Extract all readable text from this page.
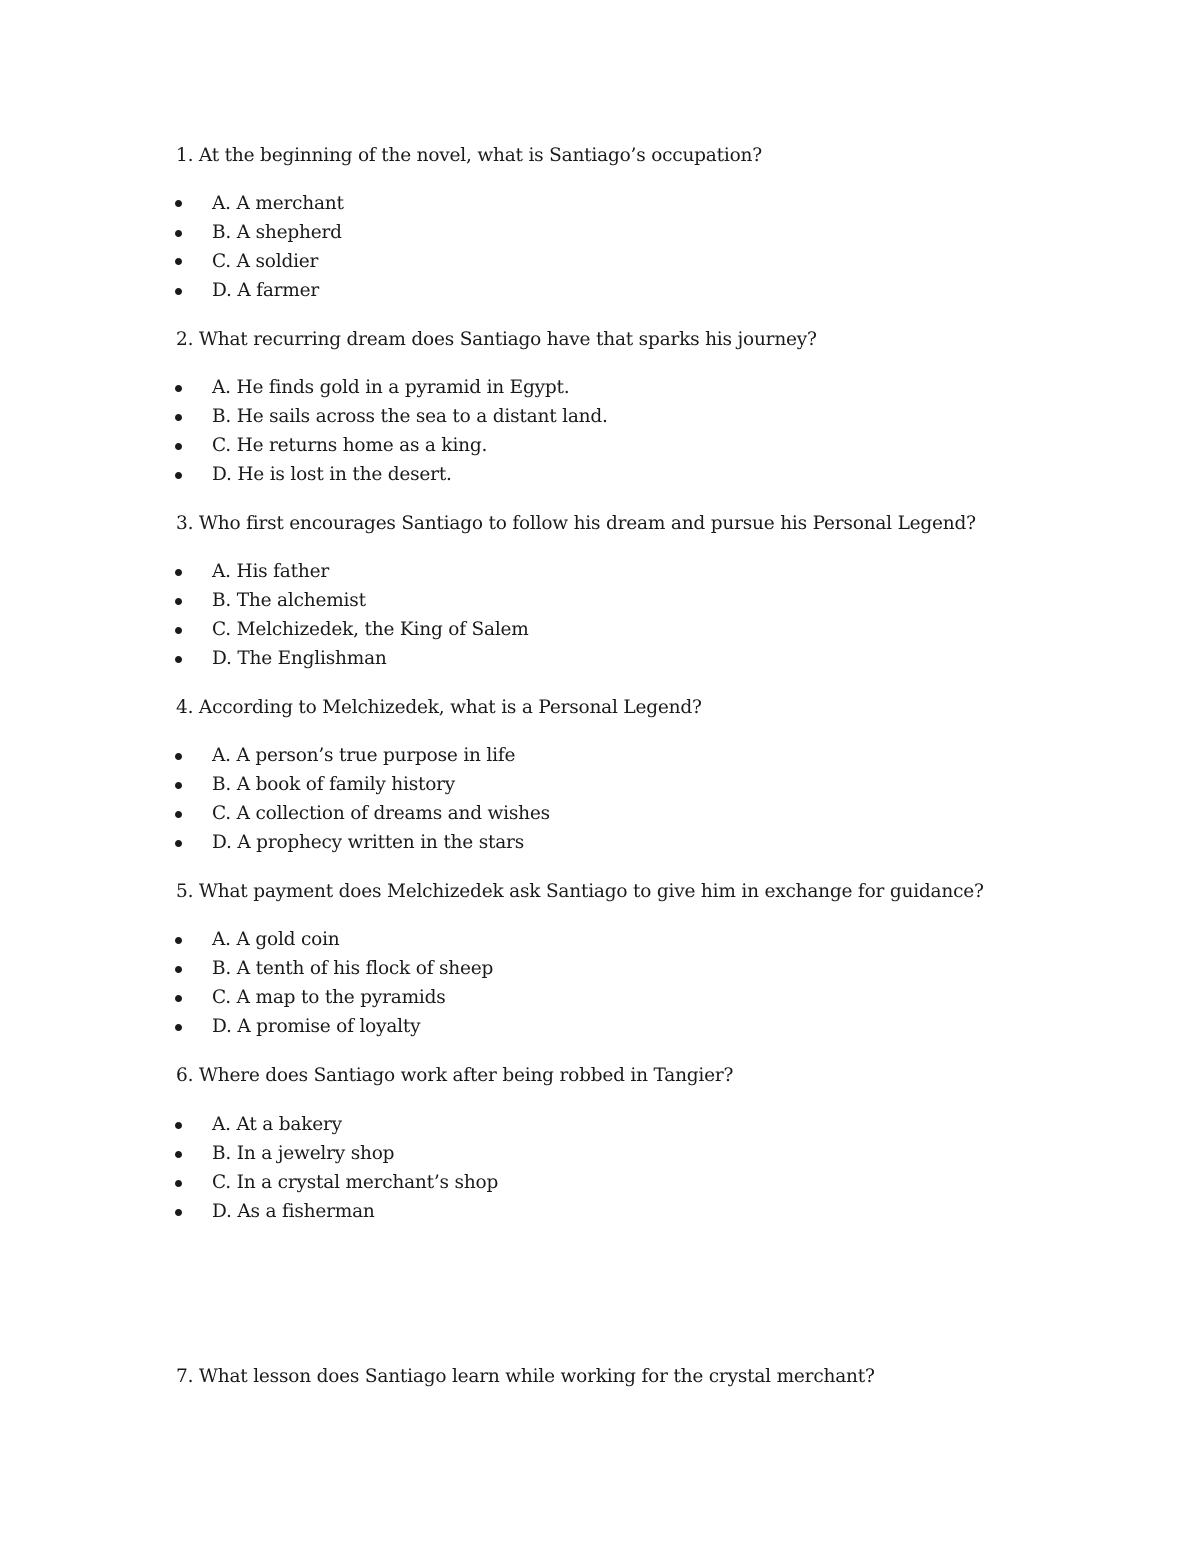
1. At the beginning of the novel, what is Santiago’s occupation?
A. A merchant
B. A shepherd
C. A soldier
D. A farmer
2. What recurring dream does Santiago have that sparks his journey?
A. He finds gold in a pyramid in Egypt.
B. He sails across the sea to a distant land.
C. He returns home as a king.
D. He is lost in the desert.
3. Who first encourages Santiago to follow his dream and pursue his Personal Legend?
A. His father
B. The alchemist
C. Melchizedek, the King of Salem
D. The Englishman
4. According to Melchizedek, what is a Personal Legend?
A. A person’s true purpose in life
B. A book of family history
C. A collection of dreams and wishes
D. A prophecy written in the stars
5. What payment does Melchizedek ask Santiago to give him in exchange for guidance?
A. A gold coin
B. A tenth of his flock of sheep
C. A map to the pyramids
D. A promise of loyalty
6. Where does Santiago work after being robbed in Tangier?
A. At a bakery
B. In a jewelry shop
C. In a crystal merchant’s shop
D. As a fisherman
7. What lesson does Santiago learn while working for the crystal merchant?
